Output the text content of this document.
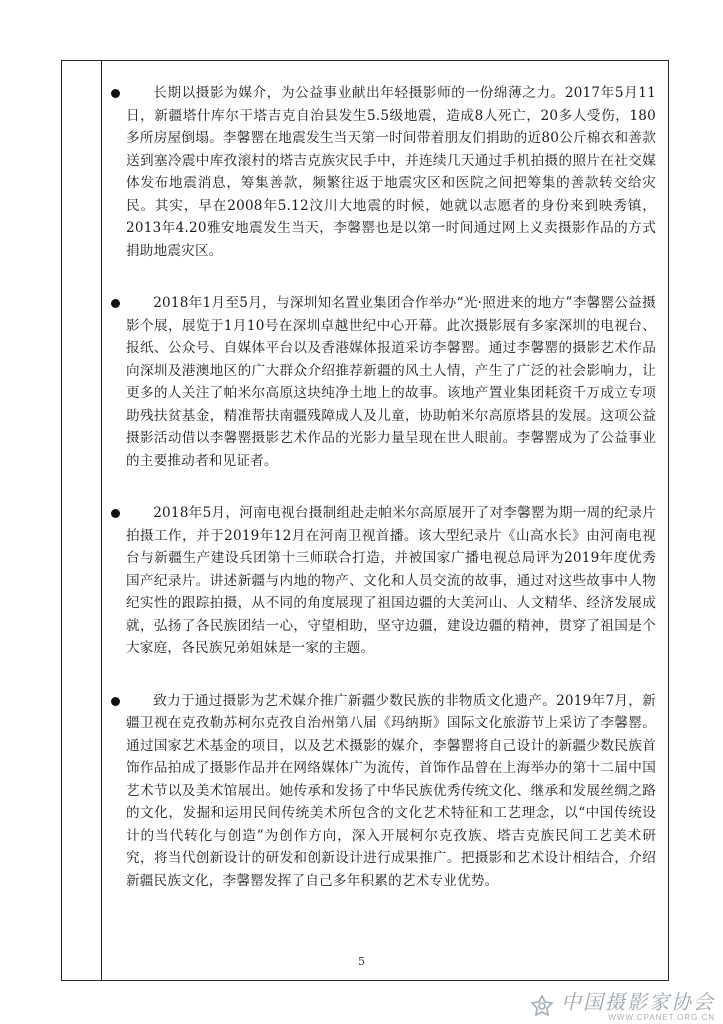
长期以摄影为媒介，为公益事业献出年轻摄影师的一份绵薄之力。2017年5月11日，新疆塔什库尔干塔吉克自治县发生5.5级地震，造成8人死亡，20多人受伤，180多所房屋倒塌。李馨罂在地震发生当天第一时间带着朋友们捐助的近80公斤棉衣和善款送到塞冷震中库孜滚村的塔吉克族灾民手中，并连续几天通过手机拍摄的照片在社交媒体发布地震消息，筹集善款，频繁往返于地震灾区和医院之间把筹集的善款转交给灾民。其实，早在2008年5.12汶川大地震的时候，她就以志愿者的身份来到映秀镇，2013年4.20雅安地震发生当天，李馨罂也是以第一时间通过网上义卖摄影作品的方式捐助地震灾区。

2018年1月至5月，与深圳知名置业集团合作举办“光·照进来的地方”李馨罂公益摄影个展，展览于1月10号在深圳卓越世纪中心开幕。此次摄影展有多家深圳的电视台、报纸、公众号、自媒体平台以及香港媒体报道采访李馨罂。通过李馨罂的摄影艺术作品向深圳及港澳地区的广大群众介绍推荐新疆的风土人情，产生了广泛的社会影响力，让更多的人关注了帕米尔高原这块纯净土地上的故事。该地产置业集团耗资千万成立专项助残扶贫基金，精准帮扶南疆残障成人及儿童，协助帕米尔高原塔县的发展。这项公益摄影活动借以李馨罂摄影艺术作品的光影力量呈现在世人眼前。李馨罂成为了公益事业的主要推动者和见证者。

2018年5月，河南电视台摄制组赴走帕米尔高原展开了对李馨罂为期一周的纪录片拍摄工作，并于2019年12月在河南卫视首播。该大型纪录片《山高水长》由河南电视台与新疆生产建设兵团第十三师联合打造，并被国家广播电视总局评为2019年度优秀国产纪录片。讲述新疆与内地的物产、文化和人员交流的故事，通过对这些故事中人物纪实性的跟踪拍摄，从不同的角度展现了祖国边疆的大美河山、人文精华、经济发展成就，弘扬了各民族团结一心，守望相助，坚守边疆，建设边疆的精神，贯穿了祖国是个大家庭，各民族兄弟姐妹是一家的主题。

致力于通过摄影为艺术媒介推广新疆少数民族的非物质文化遗产。2019年7月，新疆卫视在克孜勒苏柯尔克孜自治州第八届《玛纳斯》国际文化旅游节上采访了李馨罂。通过国家艺术基金的项目，以及艺术摄影的媒介，李馨罂将自己设计的新疆少数民族首饰作品拍成了摄影作品并在网络媒体广为流传，首饰作品曾在上海举办的第十二届中国艺术节以及美术馆展出。她传承和发扬了中华民族优秀传统文化、继承和发展丝绸之路的文化，发掘和运用民间传统美术所包含的文化艺术特征和工艺理念，以“中国传统设计的当代转化与创造”为创作方向，深入开展柯尔克孜族、塔吉克族民间工艺美术研究，将当代创新设计的研发和创新设计进行成果推广。把摄影和艺术设计相结合，介绍新疆民族文化，李馨罂发挥了自己多年积累的艺术专业优势。

5
中国摄影家协会
WWW.CPANET.ORG.CN
